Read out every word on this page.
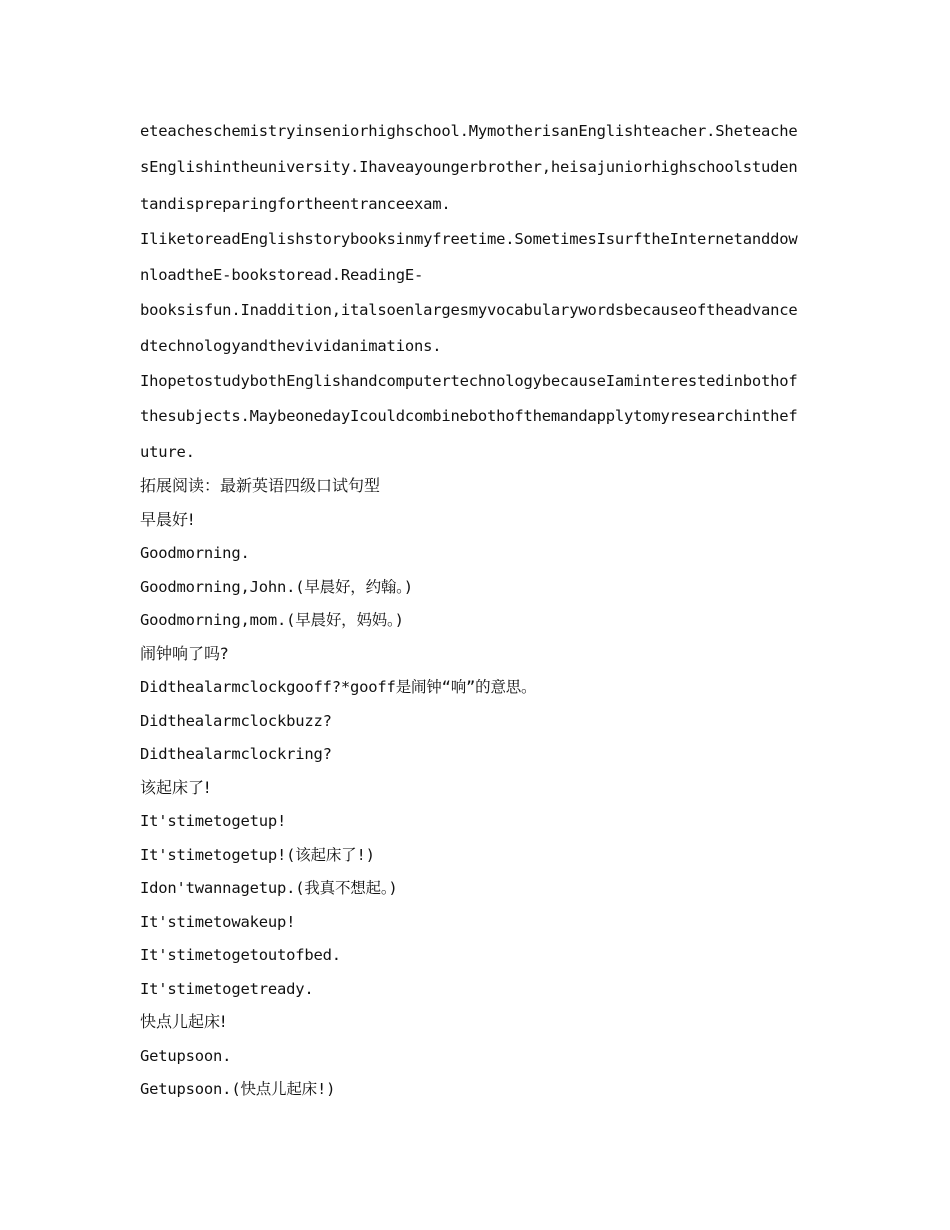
eteacheschemistryinseniorhighschool.MymotherisanEnglishteacher.Sheteache
sEnglishintheuniversity.Ihaveayoungerbrother,heisajuniorhighschoolstuden
tandispreparingfortheentranceexam.
IliketoreadEnglishstorybooksinmyfreetime.SometimesIsurftheInternetanddow
nloadtheE-bookstoread.ReadingE-
booksisfun.Inaddition,italsoenlargesmyvocabularywordsbecauseoftheadvance
dtechnologyandthevividanimations.
IhopetostudybothEnglishandcomputertechnologybecauseIaminterestedinbothof
thesubjects.MaybeonedayIcouldcombinebothofthemandapplytomyresearchinthef
uture.
拓展阅读：最新英语四级口试句型
早晨好!
Goodmorning.
Goodmorning,John.(早晨好，约翰。)
Goodmorning,mom.(早晨好，妈妈。)
闹钟响了吗?
Didthealarmclockgooff?*gooff是闹钟“响”的意思。
Didthealarmclockbuzz?
Didthealarmclockring?
该起床了!
It'stimetogetup!
It'stimetogetup!(该起床了!)
Idon'twannagetup.(我真不想起。)
It'stimetowakeup!
It'stimetogetoutofbed.
It'stimetogetready.
快点儿起床!
Getupsoon.
Getupsoon.(快点儿起床!)
